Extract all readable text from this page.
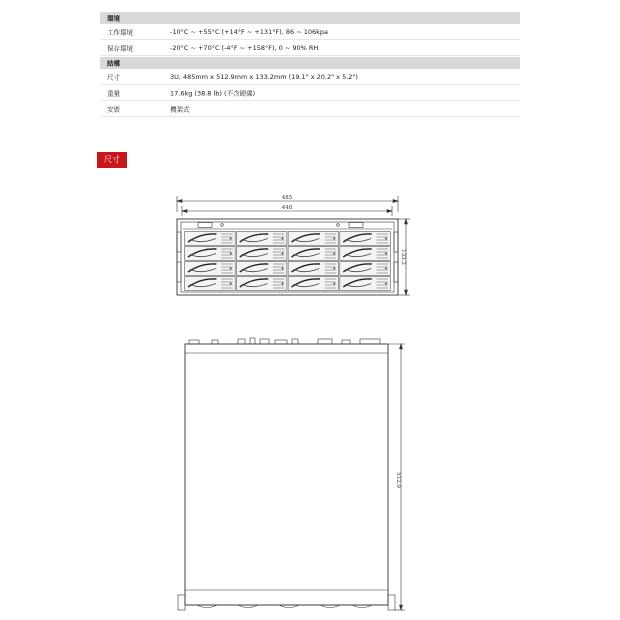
環境
工作環境	-10°C ~ +55°C (+14°F ~ +131°F), 86 ~ 106kpa
保存環境	-20°C ~ +70°C (-4°F ~ +158°F), 0 ~ 90% RH
結構
尺寸	3U, 485mm x 512.9mm x 133.2mm (19.1" x 20.2" x 5.2")
重量	17.6kg (38.8 lb) (不含硬碟)
安裝	機架式
尺寸
485
448
133.2
512.9
